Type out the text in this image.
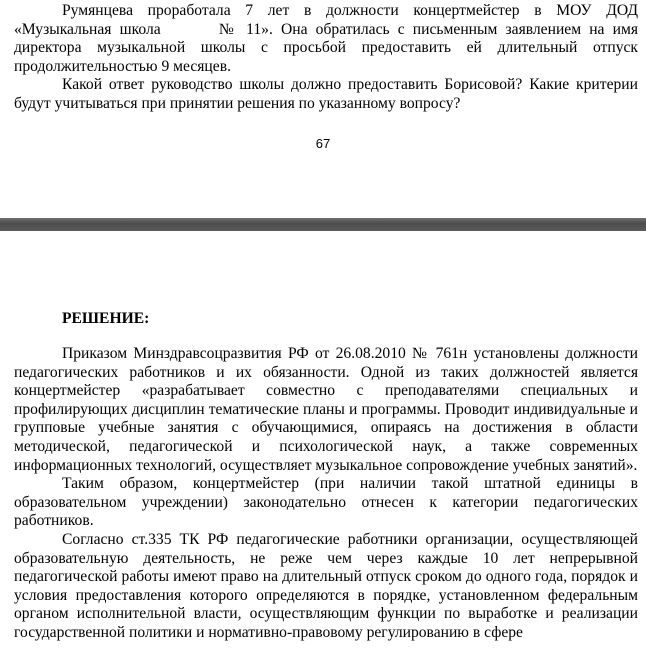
Румянцева проработала 7 лет в должности концертмейстер в МОУ ДОД «Музыкальная школа	№ 11». Она обратилась с письменным заявлением на имя директора музыкальной школы с просьбой предоставить ей длительный отпуск продолжительностью 9 месяцев.

Какой ответ руководство школы должно предоставить Борисовой? Какие критерии будут учитываться при принятии решения по указанному вопросу?

67
РЕШЕНИЕ:

Приказом Минздравсоцразвития РФ от 26.08.2010 № 761н установлены должности педагогических работников и их обязанности. Одной из таких должностей является концертмейстер «разрабатывает совместно с преподавателями специальных и профилирующих дисциплин тематические планы и программы. Проводит индивидуальные и групповые учебные занятия с обучающимися, опираясь на достижения в области методической, педагогической и психологической наук, а также современных информационных технологий, осуществляет музыкальное сопровождение учебных занятий».

Таким образом, концертмейстер (при наличии такой штатной единицы в образовательном учреждении) законодательно отнесен к категории педагогических работников.

Согласно ст.335 ТК РФ педагогические работники организации, осуществляющей образовательную деятельность, не реже чем через каждые 10 лет непрерывной педагогической работы имеют право на длительный отпуск сроком до одного года, порядок и условия предоставления которого определяются в порядке, установленном федеральным органом исполнительной власти, осуществляющим функции по выработке и реализации государственной политики и нормативно-правовому регулированию в сфере
